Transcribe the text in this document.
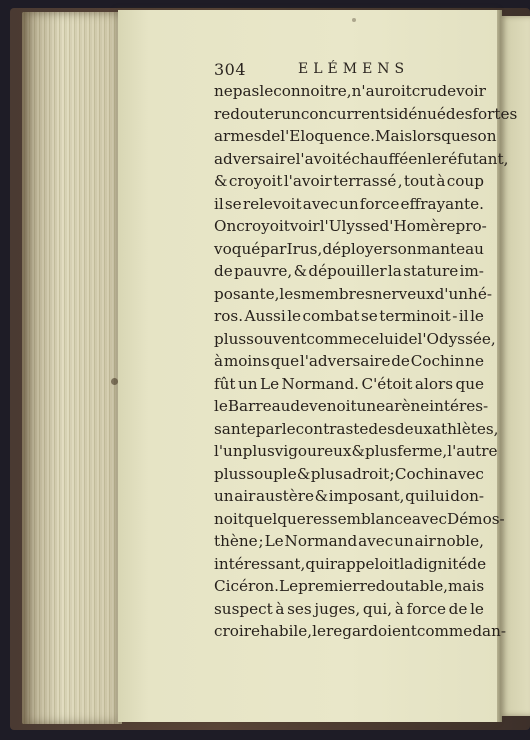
304	ELÉMENS
ne pas le connoitre, n'auroit cru devoir
redouter un concurrent si dénué des fortes
armes de l'Eloquence. Mais lorsque son
adversaire l'avoit échauffé en le réfutant,
& croyoit l'avoir terrassé , tout à coup
il se relevoit avec un force effrayante.
On croyoit voir l'Ulysse d'Homère pro-
voqué par Irus, déployer son manteau
de pauvre, & dépouiller la stature im-
posante, les membres nerveux d'un hé-
ros. Aussi le combat se terminoit - il le
plus souvent comme celui de l'Odyssée,
à moins que l'adversaire de Cochin ne
fût un Le Normand. C'étoit alors que
le Barreau devenoit une arène intéres-
sante par le contraste des deux athlètes,
l'un plus vigoureux & plus ferme, l'autre
plus souple & plus adroit ; Cochin avec
un air austère & imposant, qui lui don-
noit quelque ressemblance avec Démos-
thène ; Le Normand avec un air noble,
intéressant, qui rappeloit la dignité de
Cicéron. Le premier redoutable, mais
suspect à ses juges, qui, à force de le
croire habile, le regardoient comme dan-
